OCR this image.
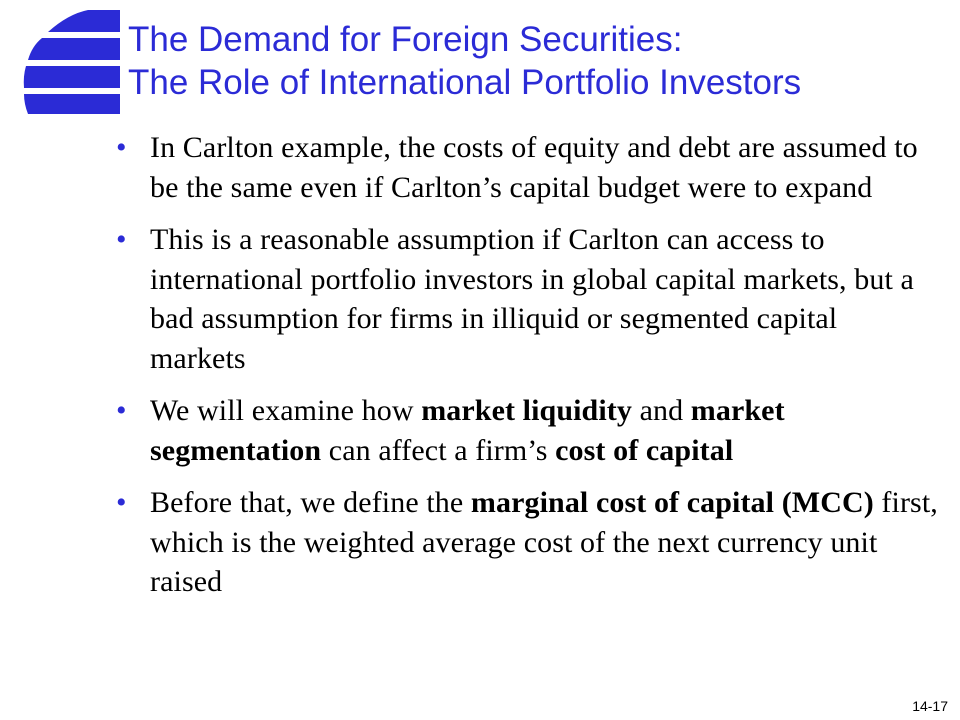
The Demand for Foreign Securities:
The Role of International Portfolio Investors
• In Carlton example, the costs of equity and debt are assumed to be the same even if Carlton’s capital budget were to expand
• This is a reasonable assumption if Carlton can access to international portfolio investors in global capital markets, but a bad assumption for firms in illiquid or segmented capital markets
• We will examine how market liquidity and market segmentation can affect a firm’s cost of capital
• Before that, we define the marginal cost of capital (MCC) first, which is the weighted average cost of the next currency unit raised
14-17
